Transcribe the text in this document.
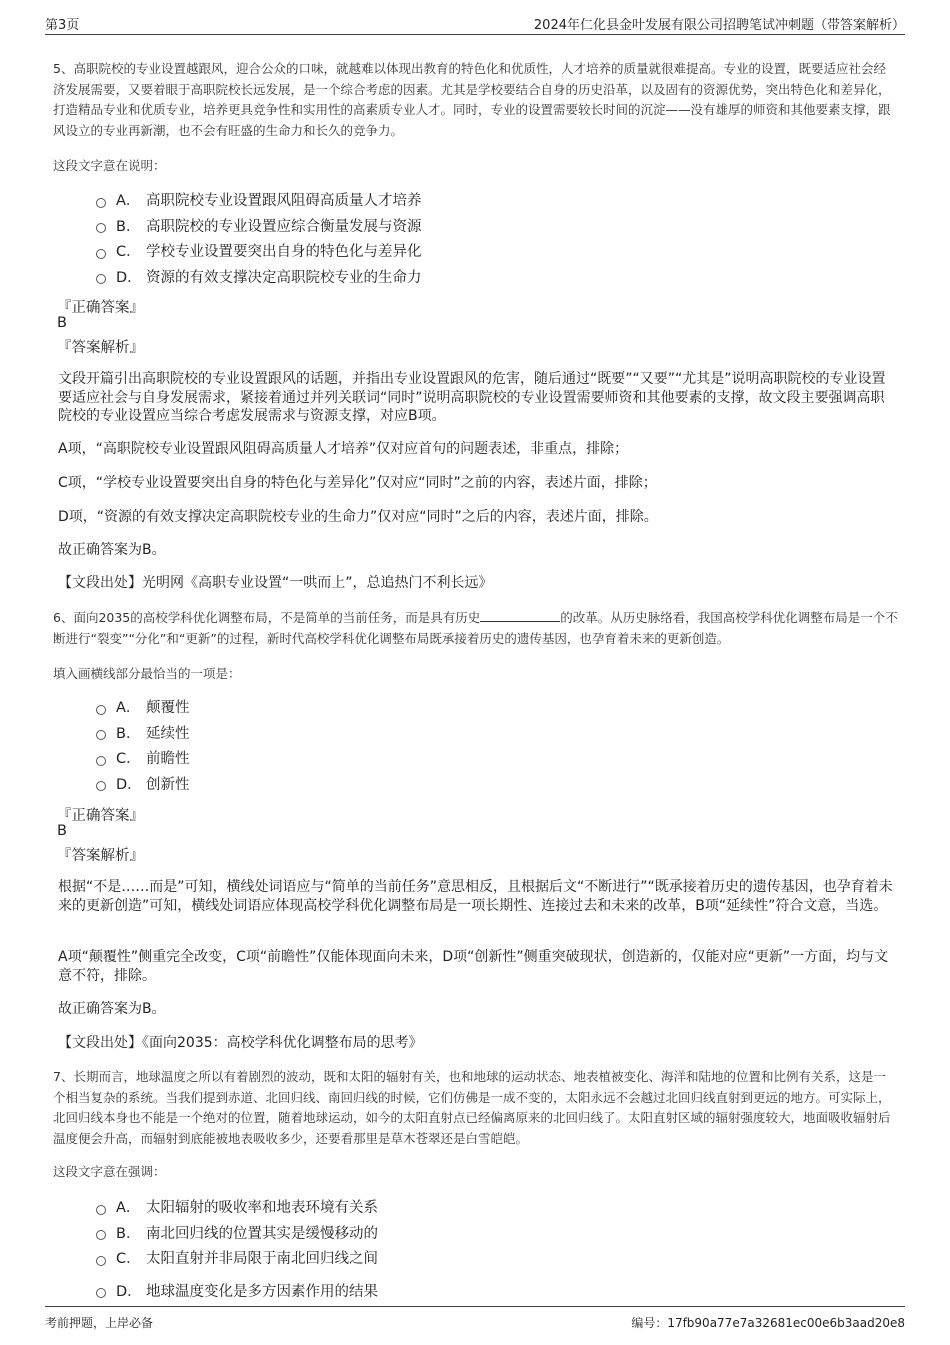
第3页	2024年仁化县金叶发展有限公司招聘笔试冲刺题（带答案解析）

5、高职院校的专业设置越跟风，迎合公众的口味，就越难以体现出教育的特色化和优质性，人才培养的质量就很难提高。专业的设置，既要适应社会经济发展需要，又要着眼于高职院校长远发展，是一个综合考虑的因素。尤其是学校要结合自身的历史沿革，以及固有的资源优势，突出特色化和差异化，打造精品专业和优质专业，培养更具竞争性和实用性的高素质专业人才。同时，专业的设置需要较长时间的沉淀——没有雄厚的师资和其他要素支撑，跟风设立的专业再新潮，也不会有旺盛的生命力和长久的竞争力。

这段文字意在说明：

A． 高职院校专业设置跟风阻碍高质量人才培养
B． 高职院校的专业设置应综合衡量发展与资源
C． 学校专业设置要突出自身的特色化与差异化
D． 资源的有效支撑决定高职院校专业的生命力

『正确答案』

B

『答案解析』

文段开篇引出高职院校的专业设置跟风的话题，并指出专业设置跟风的危害，随后通过“既要”“又要”“尤其是”说明高职院校的专业设置要适应社会与自身发展需求，紧接着通过并列关联词“同时”说明高职院校的专业设置需要师资和其他要素的支撑，故文段主要强调高职院校的专业设置应当综合考虑发展需求与资源支撑，对应B项。

A项，“高职院校专业设置跟风阻碍高质量人才培养”仅对应首句的问题表述，非重点，排除；

C项，“学校专业设置要突出自身的特色化与差异化”仅对应“同时”之前的内容，表述片面，排除；

D项，“资源的有效支撑决定高职院校专业的生命力”仅对应“同时”之后的内容，表述片面，排除。

故正确答案为B。

【文段出处】光明网《高职专业设置“一哄而上”，总追热门不利长远》

6、面向2035的高校学科优化调整布局，不是简单的当前任务，而是具有历史	的改革。从历史脉络看，我国高校学科优化调整布局是一个不断进行“裂变”“分化”和“更新”的过程，新时代高校学科优化调整布局既承接着历史的遗传基因，也孕育着未来的更新创造。

填入画横线部分最恰当的一项是：

A． 颠覆性
B． 延续性
C． 前瞻性
D． 创新性

『正确答案』

B

『答案解析』

根据“不是……而是”可知，横线处词语应与“简单的当前任务”意思相反，且根据后文“不断进行”“既承接着历史的遗传基因，也孕育着未来的更新创造”可知，横线处词语应体现高校学科优化调整布局是一项长期性、连接过去和未来的改革，B项“延续性”符合文意，当选。

A项“颠覆性”侧重完全改变，C项“前瞻性”仅能体现面向未来，D项“创新性”侧重突破现状，创造新的，仅能对应“更新”一方面，均与文意不符，排除。

故正确答案为B。

【文段出处】《面向2035：高校学科优化调整布局的思考》

7、长期而言，地球温度之所以有着剧烈的波动，既和太阳的辐射有关，也和地球的运动状态、地表植被变化、海洋和陆地的位置和比例有关系，这是一个相当复杂的系统。当我们提到赤道、北回归线、南回归线的时候，它们仿佛是一成不变的，太阳永远不会越过北回归线直射到更远的地方。可实际上，北回归线本身也不能是一个绝对的位置，随着地球运动，如今的太阳直射点已经偏离原来的北回归线了。太阳直射区域的辐射强度较大，地面吸收辐射后温度便会升高，而辐射到底能被地表吸收多少，还要看那里是草木苍翠还是白雪皑皑。

这段文字意在强调：

A． 太阳辐射的吸收率和地表环境有关系
B． 南北回归线的位置其实是缓慢移动的
C． 太阳直射并非局限于南北回归线之间
D． 地球温度变化是多方因素作用的结果
考前押题，上岸必备	编号：17fb90a77e7a32681ec00e6b3aad20e8
